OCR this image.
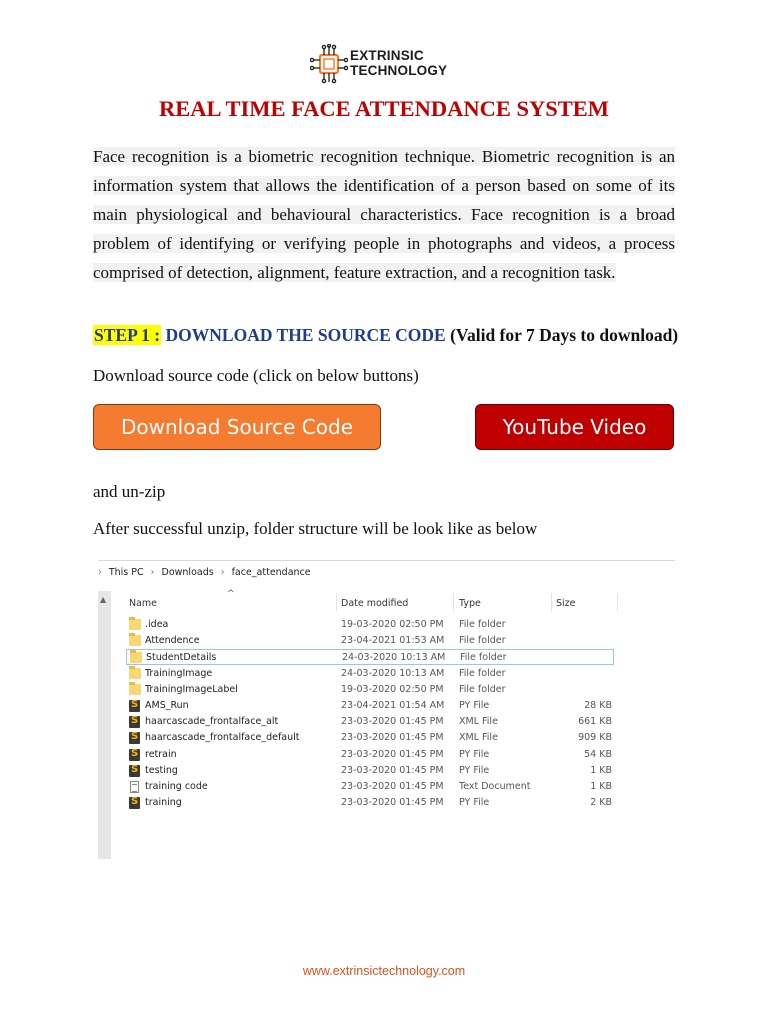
EXTRINSIC
TECHNOLOGY
REAL TIME FACE ATTENDANCE SYSTEM

Face recognition is a biometric recognition technique. Biometric recognition is an information system that allows the identification of a person based on some of its main physiological and behavioural characteristics. Face recognition is a broad problem of identifying or verifying people in photographs and videos, a process comprised of detection, alignment, feature extraction, and a recognition task.

STEP 1 : DOWNLOAD THE SOURCE CODE (Valid for 7 Days to download)
Download source code (click on below buttons)
Download Source Code	YouTube Video
and un-zip
After successful unzip, folder structure will be look like as below
› This PC › Downloads › face_attendance
▲
^
Name	Date modified	Type	Size
.idea	19-03-2020 02:50 PM File folder
Attendence	23-04-2021 01:53 AM File folder
StudentDetails	24-03-2020 10:13 AM File folder
TrainingImage	24-03-2020 10:13 AM File folder
TrainingImageLabel	19-03-2020 02:50 PM File folder
S
AMS_Run	23-04-2021 01:54 AM PY File	28 KB
S
haarcascade_frontalface_alt	23-03-2020 01:45 PM XML File	661 KB
S
haarcascade_frontalface_default	23-03-2020 01:45 PM XML File	909 KB
S
retrain	23-03-2020 01:45 PM PY File	54 KB
S
testing	23-03-2020 01:45 PM PY File	1 KB
training code	23-03-2020 01:45 PM Text Document	1 KB
S
training	23-03-2020 01:45 PM PY File	2 KB
www.extrinsictechnology.com
